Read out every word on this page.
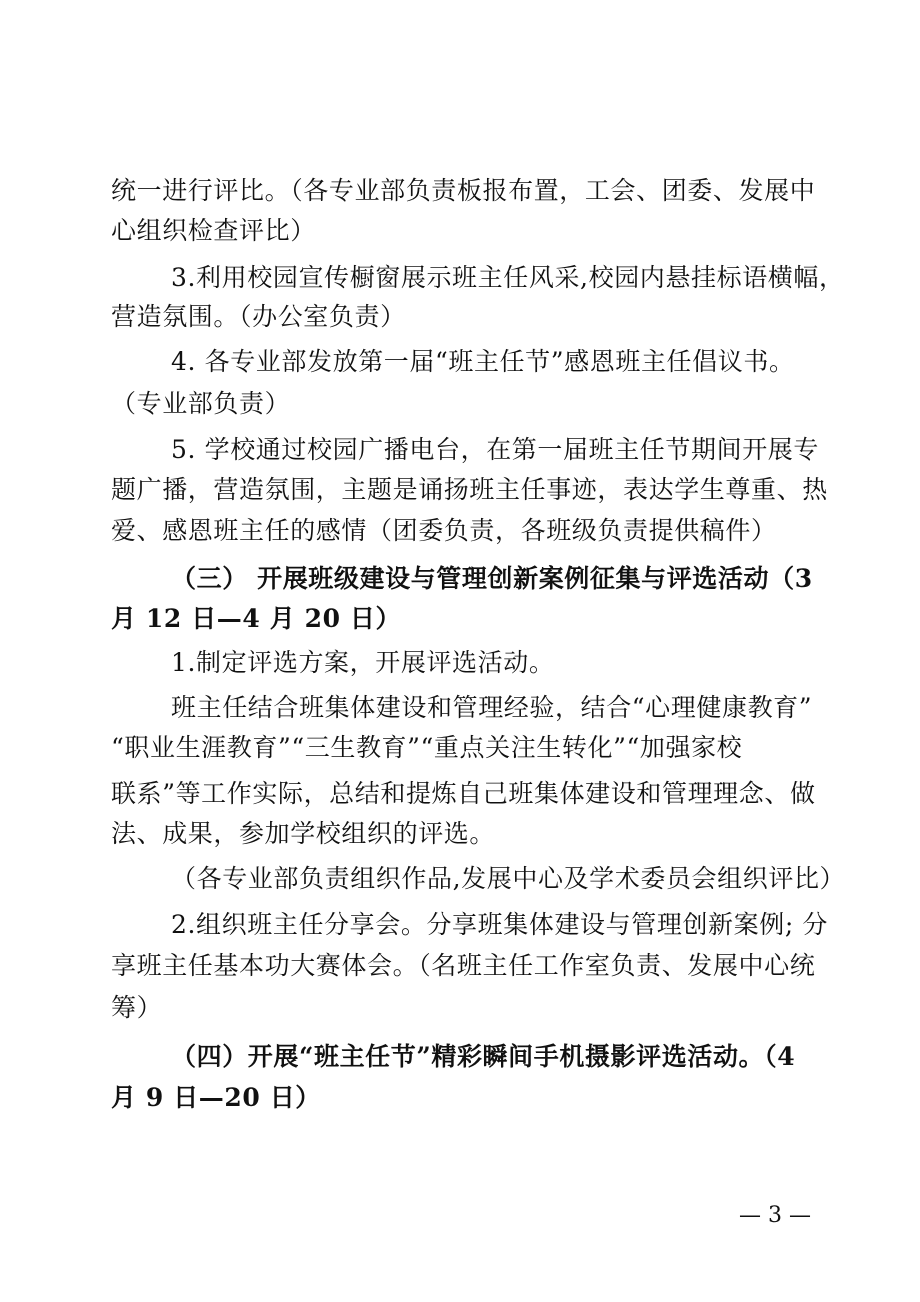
统一进行评比。（各专业部负责板报布置，工会、团委、发展中
心组织检查评比）
3.利用校园宣传橱窗展示班主任风采,校园内悬挂标语横幅，
营造氛围。（办公室负责）
4. 各专业部发放第一届“班主任节”感恩班主任倡议书。
（专业部负责）
5. 学校通过校园广播电台，在第一届班主任节期间开展专
题广播，营造氛围，主题是诵扬班主任事迹，表达学生尊重、热
爱、感恩班主任的感情（团委负责，各班级负责提供稿件）
（三） 开展班级建设与管理创新案例征集与评选活动（3
月 12 日—4 月 20 日）
1.制定评选方案，开展评选活动。
班主任结合班集体建设和管理经验，结合“心理健康教育”
“职业生涯教育”“三生教育”“重点关注生转化”“加强家校
联系”等工作实际，总结和提炼自己班集体建设和管理理念、做
法、成果，参加学校组织的评选。
（各专业部负责组织作品,发展中心及学术委员会组织评比）
2.组织班主任分享会。分享班集体建设与管理创新案例; 分
享班主任基本功大赛体会。（名班主任工作室负责、发展中心统
筹）
（四）开展“班主任节”精彩瞬间手机摄影评选活动。（4
月 9 日—20 日）
— 3 —
